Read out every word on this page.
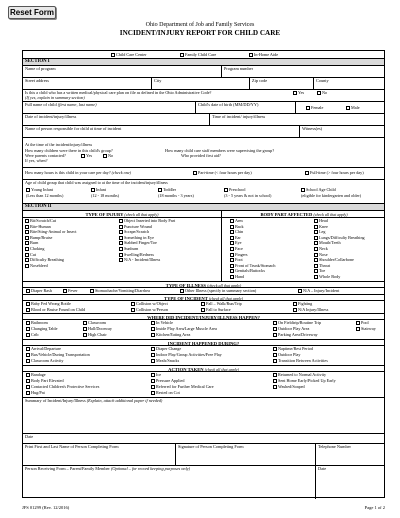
Reset Form
Ohio Department of Job and Family Services
INCIDENT/INJURY REPORT FOR CHILD CARE
Child Care Center	Family Child Care	In-Home Aide
SECTION I
Name of program	Program number
Street address	City	Zip code	County
Is this a child who has a written medical/physical care plan on file as defined in the Ohio Administrative Code?
(If yes, explain in summary section)
Yes	No
Full name of child (first name, last name)	Child's date of birth (MM/DD/YY)
Female	Male
Date of incident/injury/illness	Time of incident/ injury/illness
Name of person responsible for child at time of incident	Witness(es)
At the time of the incident/injury/illness
How many children were there in this child's group?	How many child care staff members were supervising the group?
Were parents contacted?	Yes	No	Who provided first aid?
If yes, when?
How many hours is this child in your care per day? (check one)	Part-time (< four hours per day)	Full-time (> four hours per day)
Age of child group that child was assigned to at the time of the incident/injury/illness
Young Infant	Infant	Toddler	Preschool	School Age Child
(Less than 12 months)	(12 - 18 months)	(18 months - 3 years)	(3 - 5 years & not in school)	(eligible for kindergarten and older)
SECTION II
TYPE OF INJURY (check all that apply)	BODY PART AFFECTED (check all that apply)
Bit/Scratch/Cut
Bite-Human
Bite/Sting-Animal or Insect
Bump/Bruise
Burn
Choking
Cut
Difficulty Breathing
Nosebleed
Object Inserted into Body Part
Puncture Wound
Scrape/Scratch
Something in Eye
Stabbed Finger/Toe
Sunburn
Swelling/Redness
N/A - Incident/Illness
Arm
Back
Chin
Ear
Eye
Face
Fingers
Foot
Front of Trunk/Stomach
Genitals/Buttocks
Hand
Head
Knee
Leg
Lungs/Difficulty Breathing
Mouth/Teeth
Neck
Nose
Shoulder/Collarbone
Throat
Toe
Whole Body
TYPE OF ILLNESS (check all that apply)
Diaper Rash	Fever	Stomachache/Vomiting/Diarrhea	Other Illness (specify in summary section)	N/A – Injury/Incident
TYPE OF INCIDENT (check all that apply)
Baby Fed Wrong Bottle	Collision w/Object	Fall – Walk/Run/Trip	Fighting
Blood or Bruise Found on Child	Collision w/Person	Fall to Surface	N/A Injury/Illness
WHERE DID INCIDENT/INJURY/ILLNESS HAPPEN?
Bathroom	Classroom	In Vehicle	On Fieldtrip/Routine Trip	Pool
Changing Table	Hall/Doorway	Inside Play Area/Large Muscle Area	Outdoor Play Area	Stairway
Crib	High Chair	Kitchen/Eating Area	Parking Area/Driveway
INCIDENT HAPPENED DURING?
Arrival/Departure	Diaper Change	Naptime/Rest Period
Bus/Vehicle/During Transportation	Indoor Play/Group Activities/Free Play	Outdoor Play
Classroom Activity	Meals/Snacks	Transition Between Activities
ACTION TAKEN (check all that apply)
Bandage	Ice	Returned to Normal Activity
Body Part Elevated	Pressure Applied	Sent Home Early/Picked Up Early
Contacted Children's Protective Services	Referred for Further Medical Care	Washed/Soaped
Hug/Pat	Rested on Cot
Summary of Incident/Injury/Illness (Explain, attach additional paper if needed)
Date
Print First and Last Name of Person Completing Form	Signature of Person Completing Form	Telephone Number
Person Receiving Form – Parent/Family Member (Optional – for record keeping purposes only)	Date
JFS 01299 (Rev. 12/2016)	Page 1 of 2
